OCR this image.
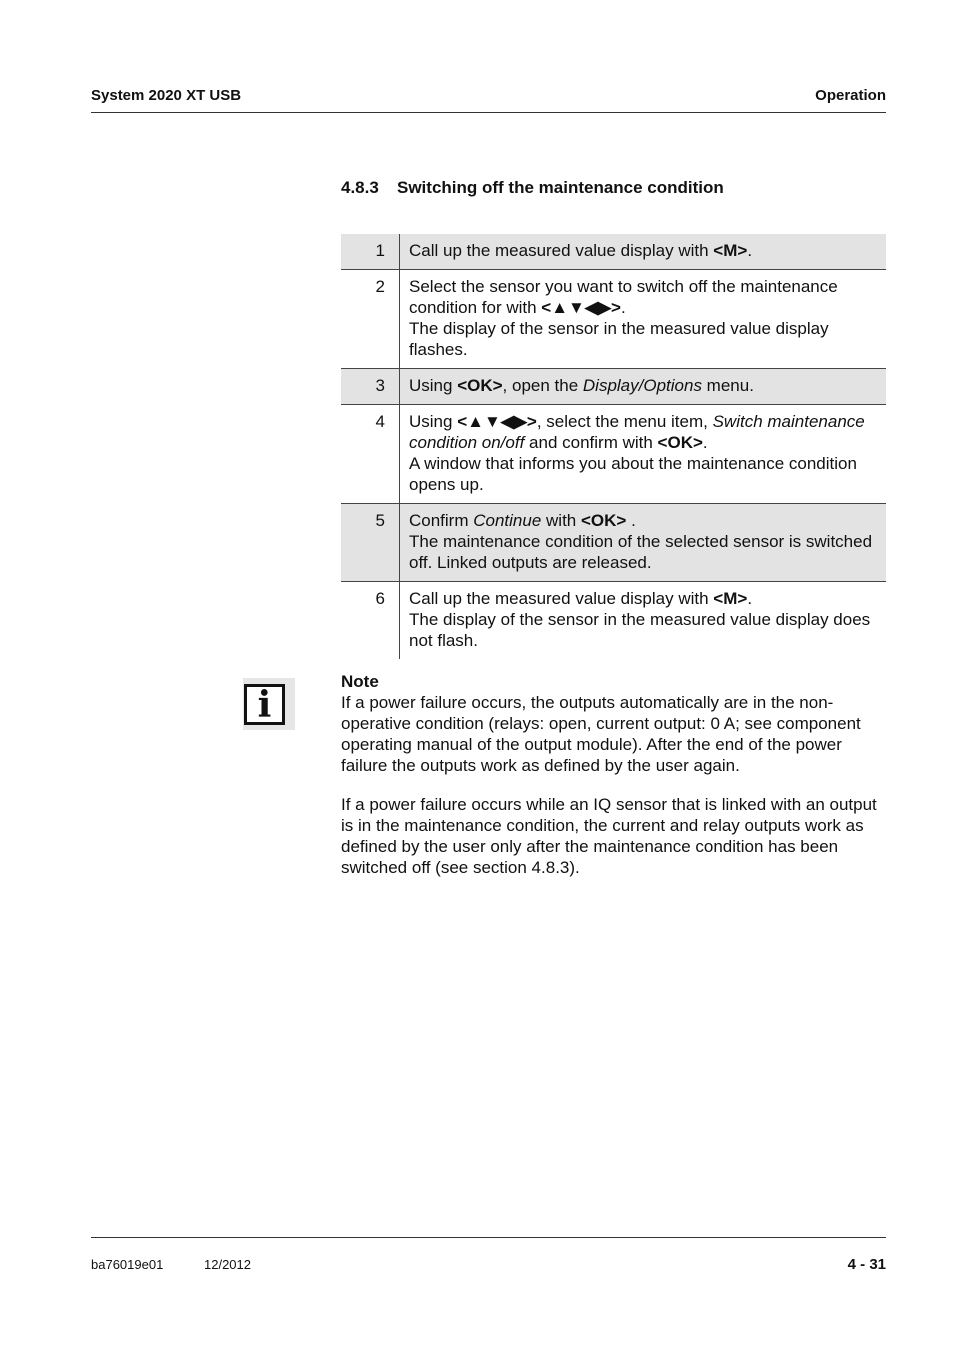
System 2020 XT USB	Operation
4.8.3 Switching off the maintenance condition
1	Call up the measured value display with <M>.
2	Select the sensor you want to switch off the maintenance condition for with <▲▼◀▶>.
The display of the sensor in the measured value display flashes.
3	Using <OK>, open the Display/Options menu.
4	Using <▲▼◀▶>, select the menu item, Switch maintenance condition on/off and confirm with <OK>.
A window that informs you about the maintenance condition opens up.
5	Confirm Continue with <OK> .
The maintenance condition of the selected sensor is switched off. Linked outputs are released.
6	Call up the measured value display with <M>.
The display of the sensor in the measured value display does not flash.
i
Note

If a power failure occurs, the outputs automatically are in the non-operative condition (relays: open, current output: 0 A; see component operating manual of the output module). After the end of the power failure the outputs work as defined by the user again.

If a power failure occurs while an IQ sensor that is linked with an output is in the maintenance condition, the current and relay outputs work as defined by the user only after the maintenance condition has been switched off (see section 4.8.3).

ba76019e01	12/2012	4 - 31
